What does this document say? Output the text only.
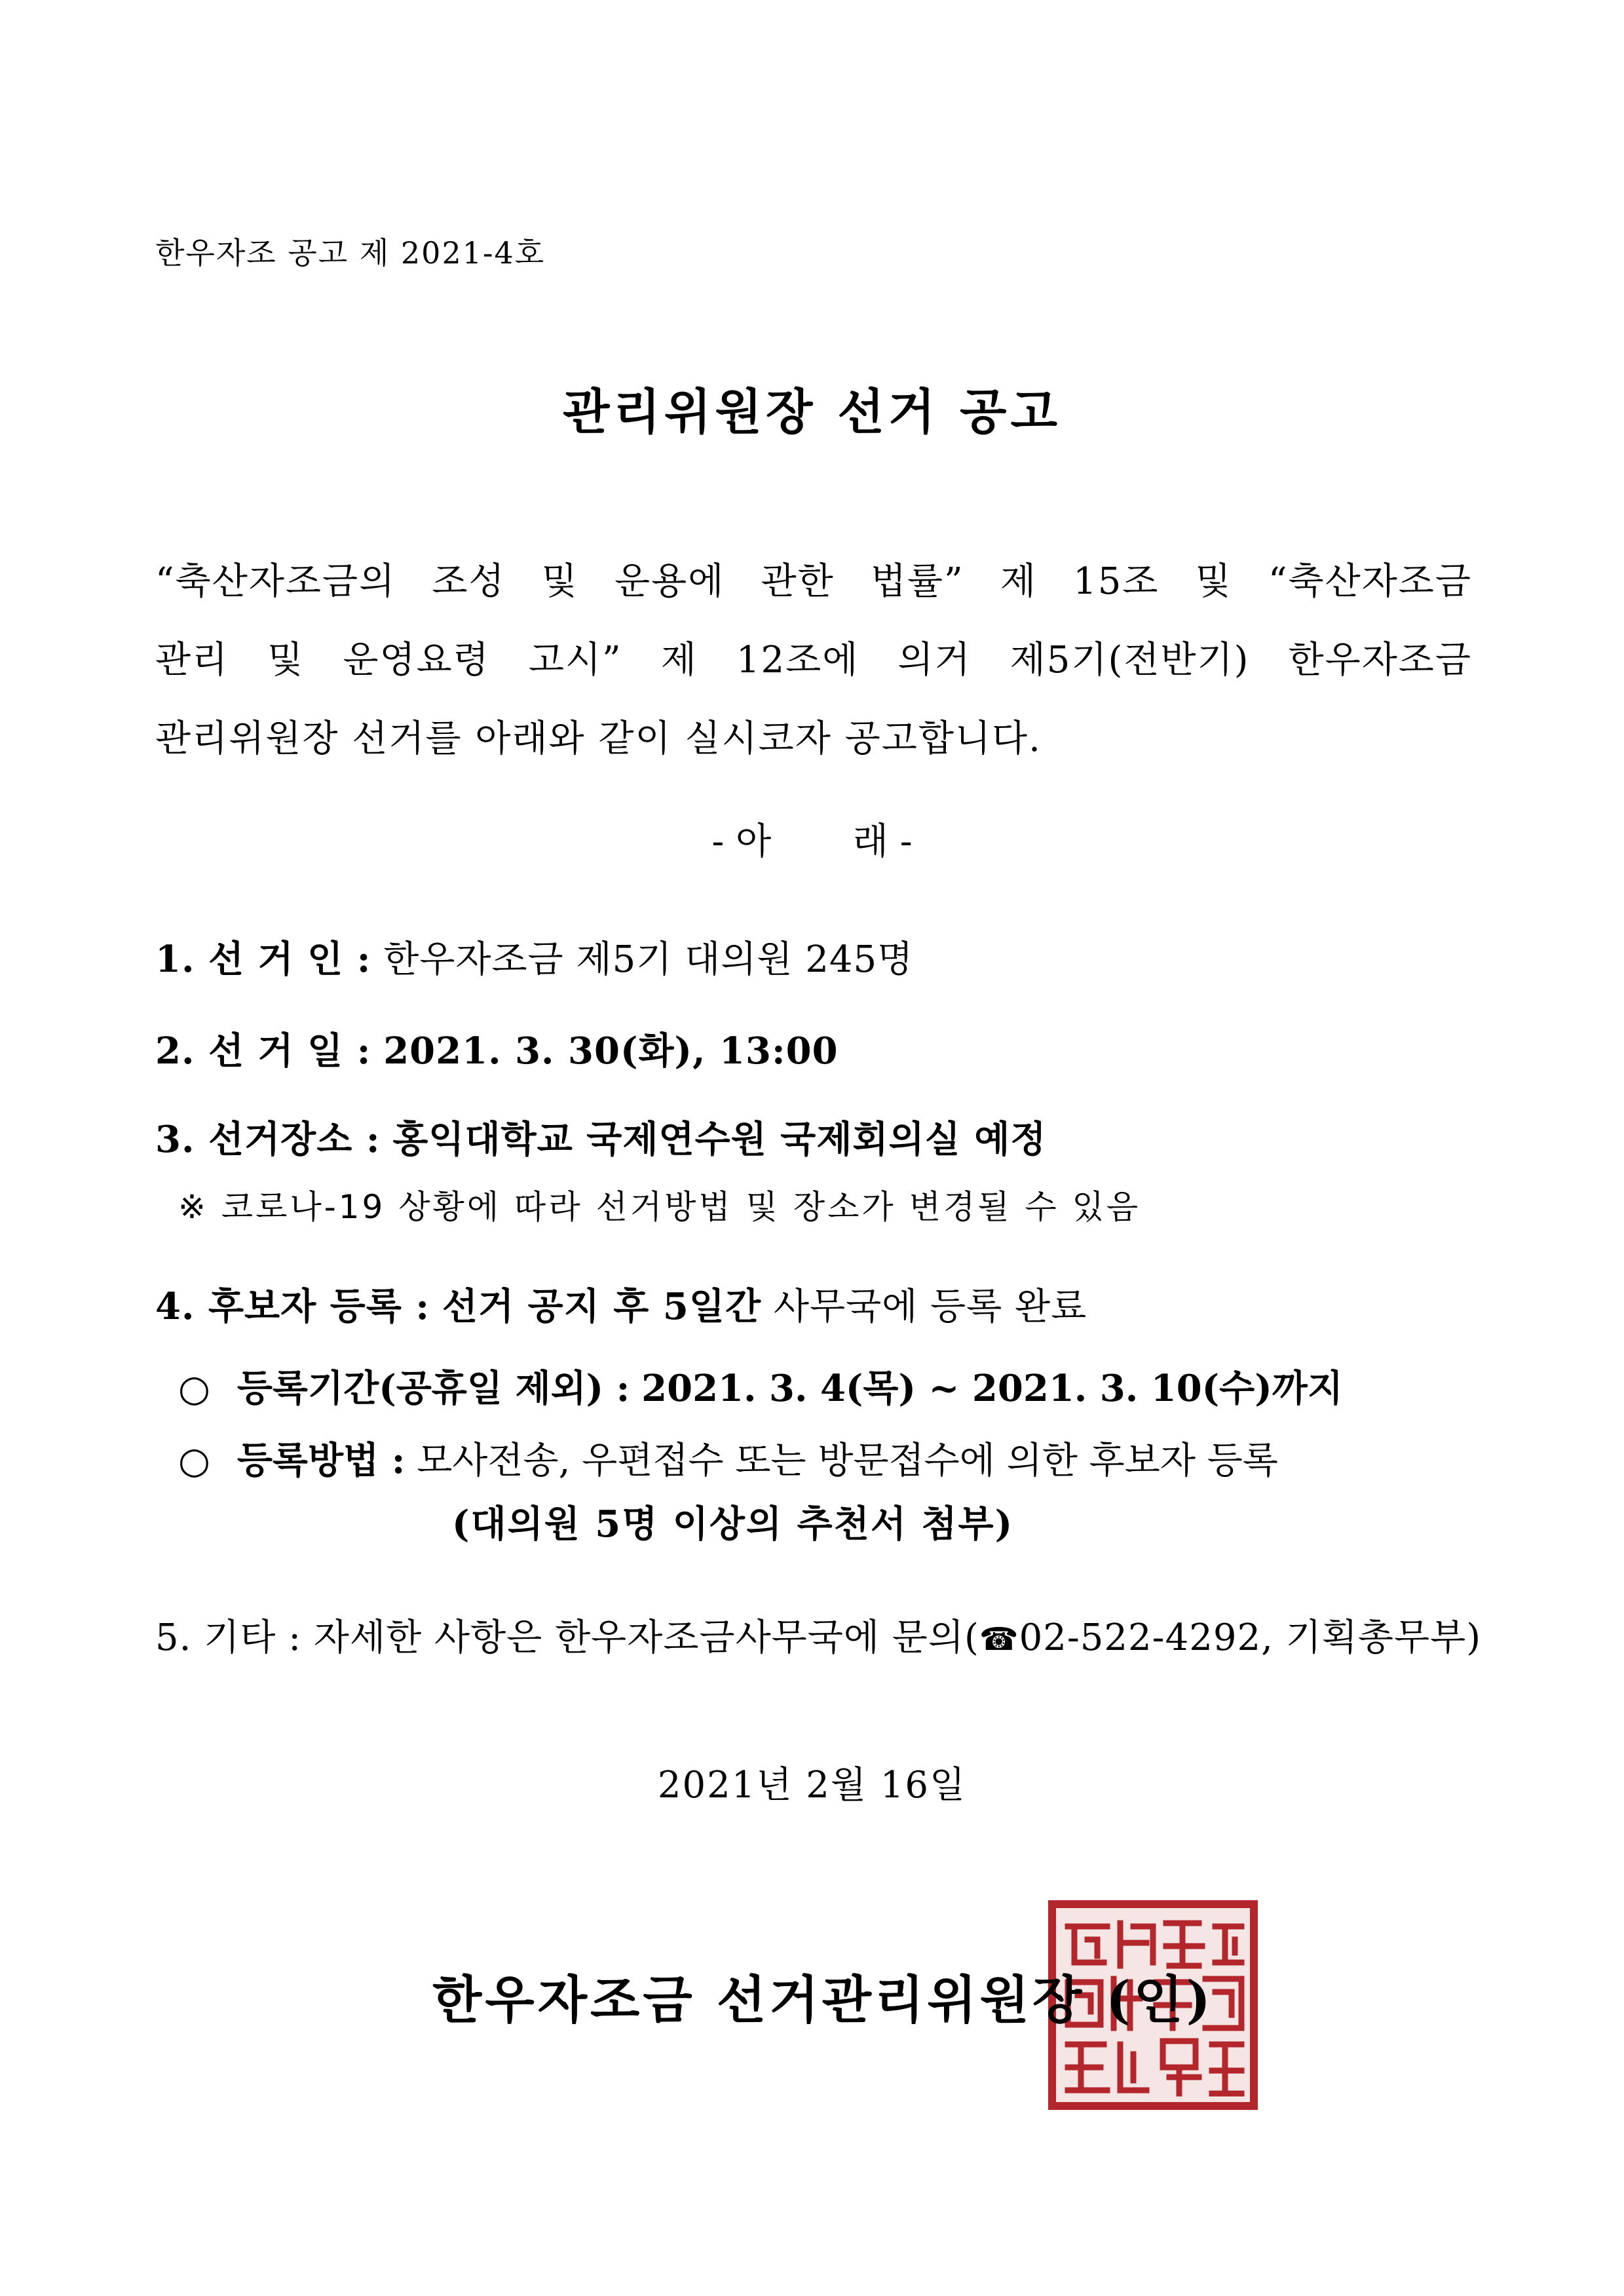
한우자조 공고 제 2021-4호
관리위원장 선거 공고
“축산자조금의 조성 및 운용에 관한 법률” 제 15조 및 “축산자조금
관리 및 운영요령 고시” 제 12조에 의거 제5기(전반기) 한우자조금
관리위원장 선거를 아래와 같이 실시코자 공고합니다.
- 아       래 -
1. 선 거 인 : 한우자조금 제5기 대의원 245명
2. 선 거 일 : 2021. 3. 30(화), 13:00
3. 선거장소 : 홍익대학교 국제연수원 국제회의실 예정
※ 코로나-19 상황에 따라 선거방법 및 장소가 변경될 수 있음
4. 후보자 등록 : 선거 공지 후 5일간 사무국에 등록 완료
○ 등록기간(공휴일 제외) : 2021. 3. 4(목) ~ 2021. 3. 10(수)까지
○ 등록방법 : 모사전송, 우편접수 또는 방문접수에 의한 후보자 등록
(대의원 5명 이상의 추천서 첨부)
5. 기타 : 자세한 사항은 한우자조금사무국에 문의(☎02-522-4292, 기획총무부)
2021년 2월 16일
한우자조금 선거관리위원장 (인)
